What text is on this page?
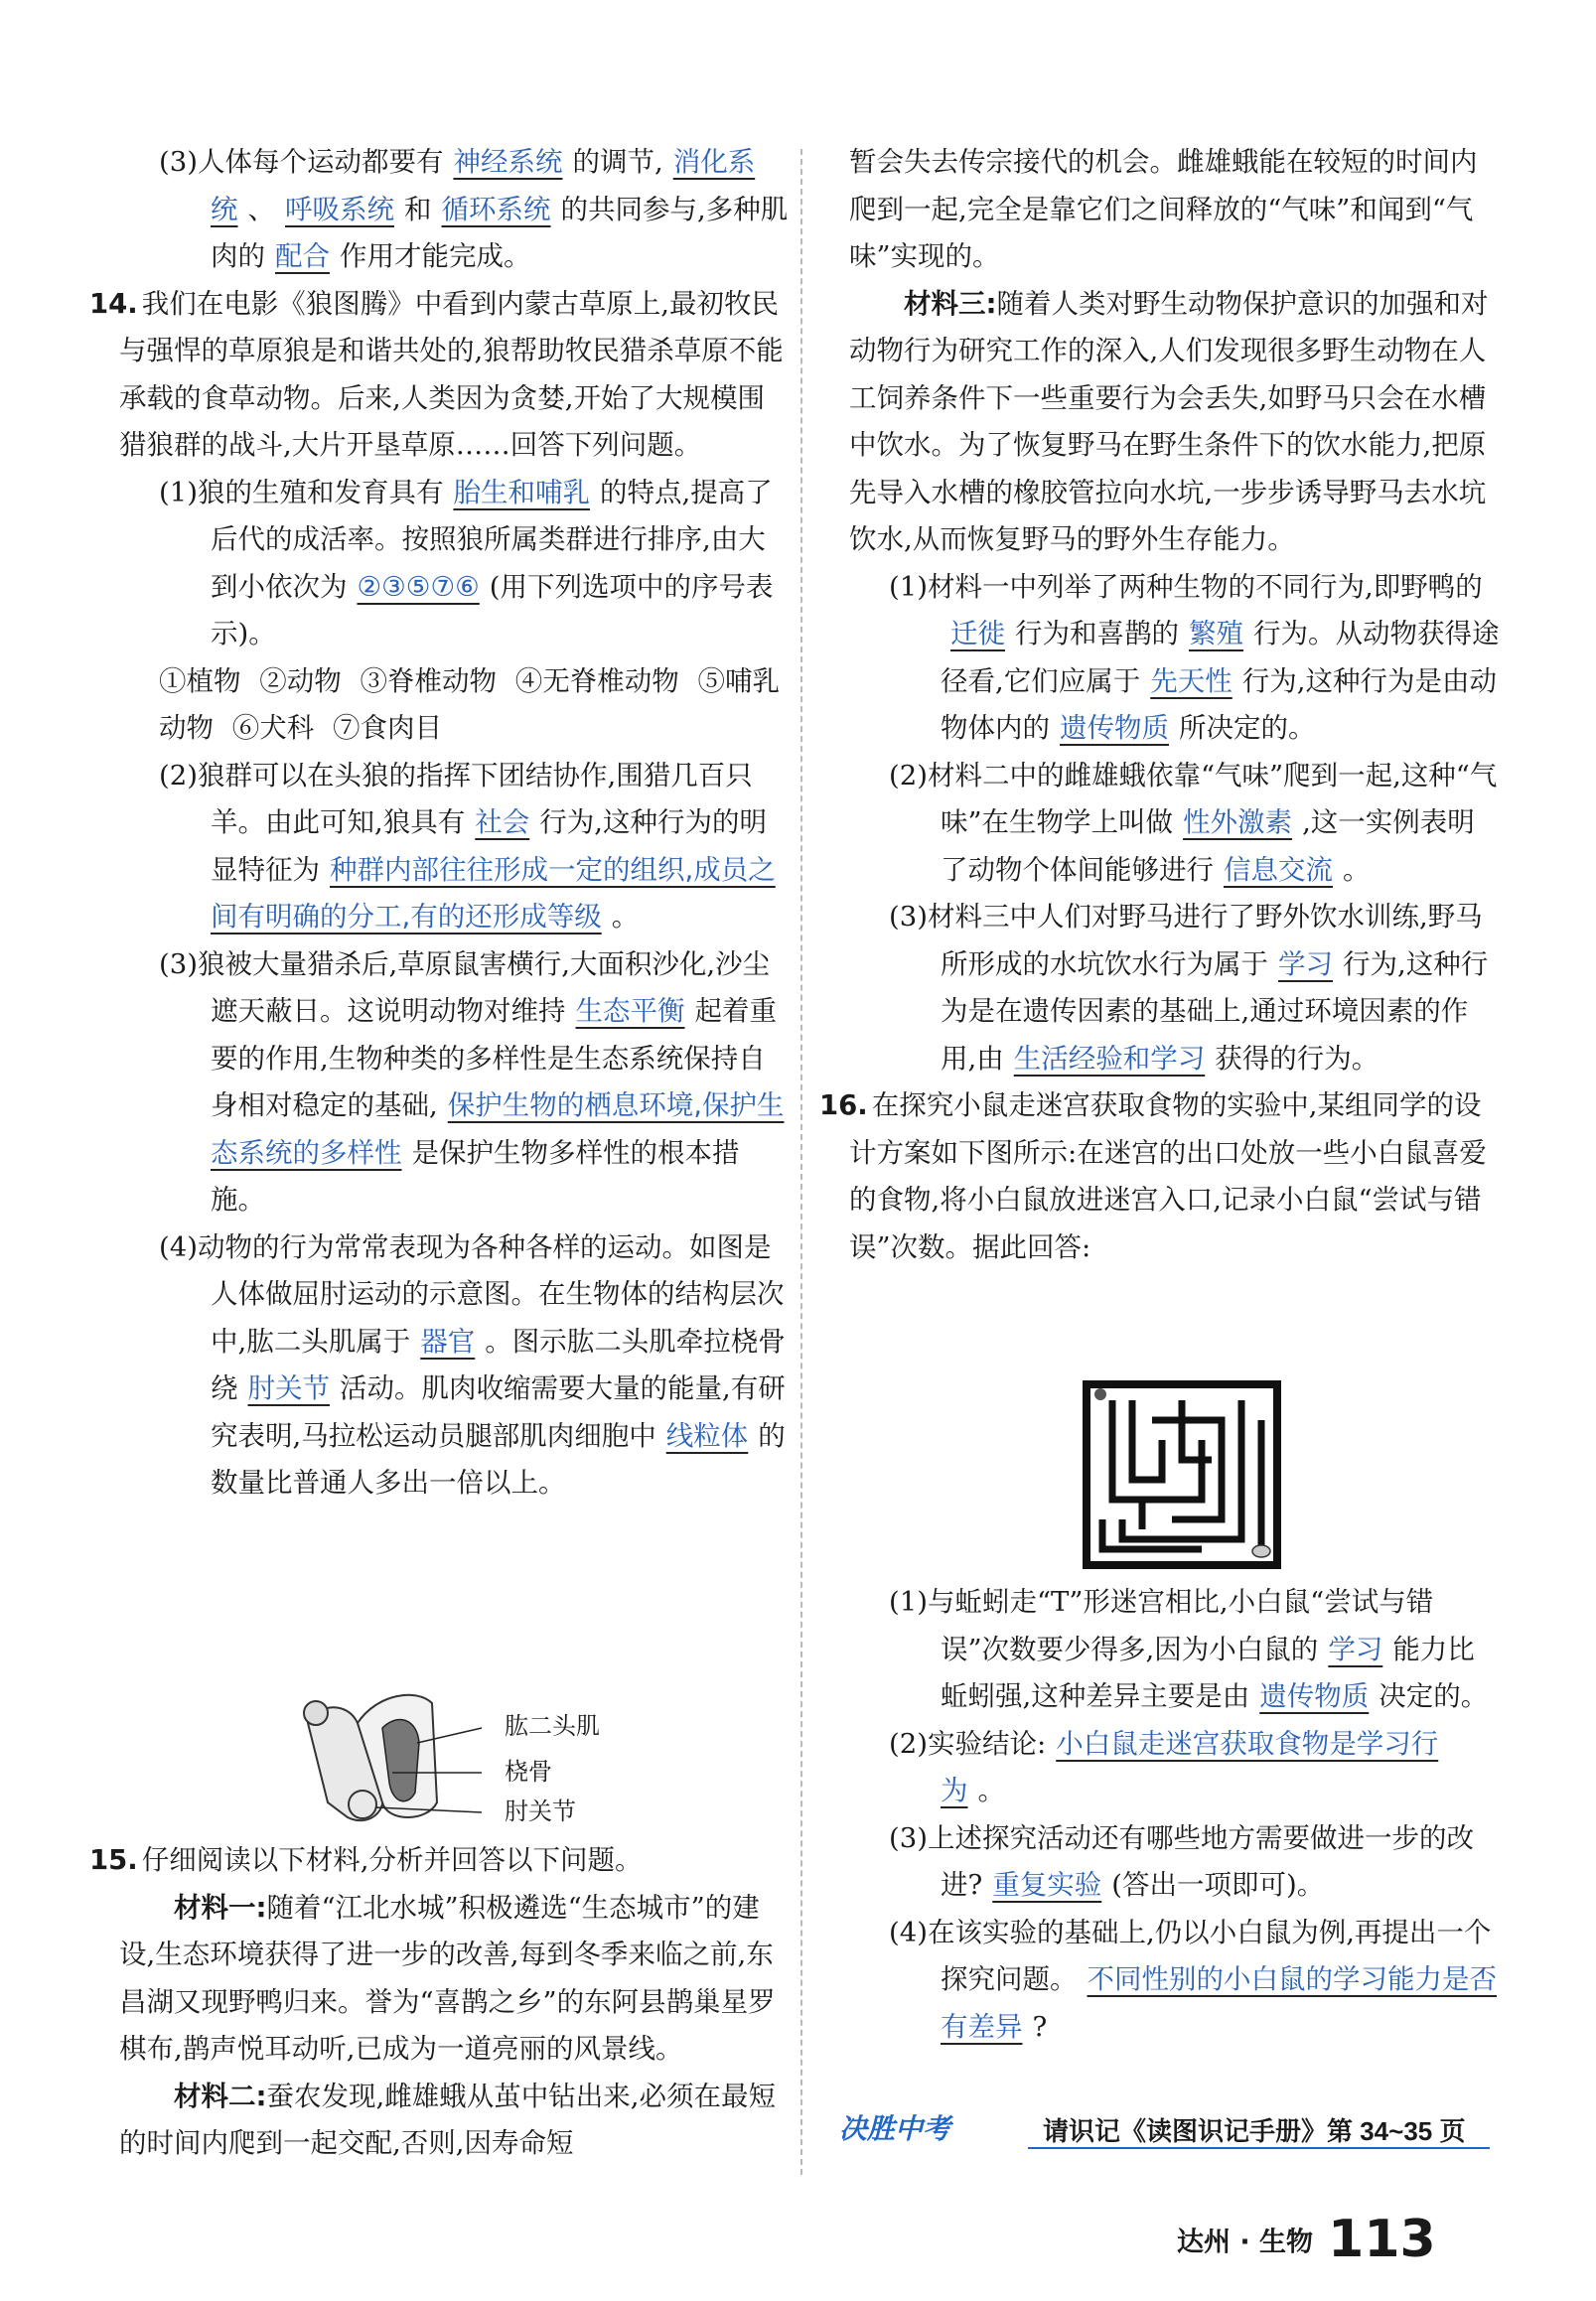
(3)人体每个运动都要有 神经系统 的调节, 消化系统 、 呼吸系统 和 循环系统 的共同参与,多种肌肉的 配合 作用才能完成。

14. 我们在电影《狼图腾》中看到内蒙古草原上,最初牧民与强悍的草原狼是和谐共处的,狼帮助牧民猎杀草原不能承载的食草动物。后来,人类因为贪婪,开始了大规模围猎狼群的战斗,大片开垦草原……回答下列问题。

(1)狼的生殖和发育具有 胎生和哺乳 的特点,提高了后代的成活率。按照狼所属类群进行排序,由大到小依次为 ②③⑤⑦⑥ (用下列选项中的序号表示)。

①植物 ②动物 ③脊椎动物 ④无脊椎动物 ⑤哺乳动物 ⑥犬科 ⑦食肉目

(2)狼群可以在头狼的指挥下团结协作,围猎几百只羊。由此可知,狼具有 社会 行为,这种行为的明显特征为 种群内部往往形成一定的组织,成员之间有明确的分工,有的还形成等级 。

(3)狼被大量猎杀后,草原鼠害横行,大面积沙化,沙尘遮天蔽日。这说明动物对维持 生态平衡 起着重要的作用,生物种类的多样性是生态系统保持自身相对稳定的基础, 保护生物的栖息环境,保护生态系统的多样性 是保护生物多样性的根本措施。

(4)动物的行为常常表现为各种各样的运动。如图是人体做屈肘运动的示意图。在生物体的结构层次中,肱二头肌属于 器官 。图示肱二头肌牵拉桡骨绕 肘关节 活动。肌肉收缩需要大量的能量,有研究表明,马拉松运动员腿部肌肉细胞中 线粒体 的数量比普通人多出一倍以上。

肱二头肌
桡骨
肘关节

15. 仔细阅读以下材料,分析并回答以下问题。

材料一:随着“江北水城”积极遴选“生态城市”的建设,生态环境获得了进一步的改善,每到冬季来临之前,东昌湖又现野鸭归来。誉为“喜鹊之乡”的东阿县鹊巢星罗棋布,鹊声悦耳动听,已成为一道亮丽的风景线。

材料二:蚕农发现,雌雄蛾从茧中钻出来,必须在最短的时间内爬到一起交配,否则,因寿命短

暂会失去传宗接代的机会。雌雄蛾能在较短的时间内爬到一起,完全是靠它们之间释放的“气味”和闻到“气味”实现的。

材料三:随着人类对野生动物保护意识的加强和对动物行为研究工作的深入,人们发现很多野生动物在人工饲养条件下一些重要行为会丢失,如野马只会在水槽中饮水。为了恢复野马在野生条件下的饮水能力,把原先导入水槽的橡胶管拉向水坑,一步步诱导野马去水坑饮水,从而恢复野马的野外生存能力。

(1)材料一中列举了两种生物的不同行为,即野鸭的迁徙 行为和喜鹊的 繁殖 行为。从动物获得途径看,它们应属于 先天性 行为,这种行为是由动物体内的 遗传物质 所决定的。

(2)材料二中的雌雄蛾依靠“气味”爬到一起,这种“气味”在生物学上叫做 性外激素 ,这一实例表明了动物个体间能够进行 信息交流 。

(3)材料三中人们对野马进行了野外饮水训练,野马所形成的水坑饮水行为属于 学习 行为,这种行为是在遗传因素的基础上,通过环境因素的作用,由 生活经验和学习 获得的行为。

16. 在探究小鼠走迷宫获取食物的实验中,某组同学的设计方案如下图所示:在迷宫的出口处放一些小白鼠喜爱的食物,将小白鼠放进迷宫入口,记录小白鼠“尝试与错误”次数。据此回答:

(1)与蚯蚓走“T”形迷宫相比,小白鼠“尝试与错误”次数要少得多,因为小白鼠的 学习 能力比蚯蚓强,这种差异主要是由 遗传物质 决定的。

(2)实验结论: 小白鼠走迷宫获取食物是学习行为 。

(3)上述探究活动还有哪些地方需要做进一步的改进? 重复实验 (答出一项即可)。

(4)在该实验的基础上,仍以小白鼠为例,再提出一个探究问题。 不同性别的小白鼠的学习能力是否有差异 ?

决胜中考	请识记《读图识记手册》第 34~35 页
达州 · 生物 113
